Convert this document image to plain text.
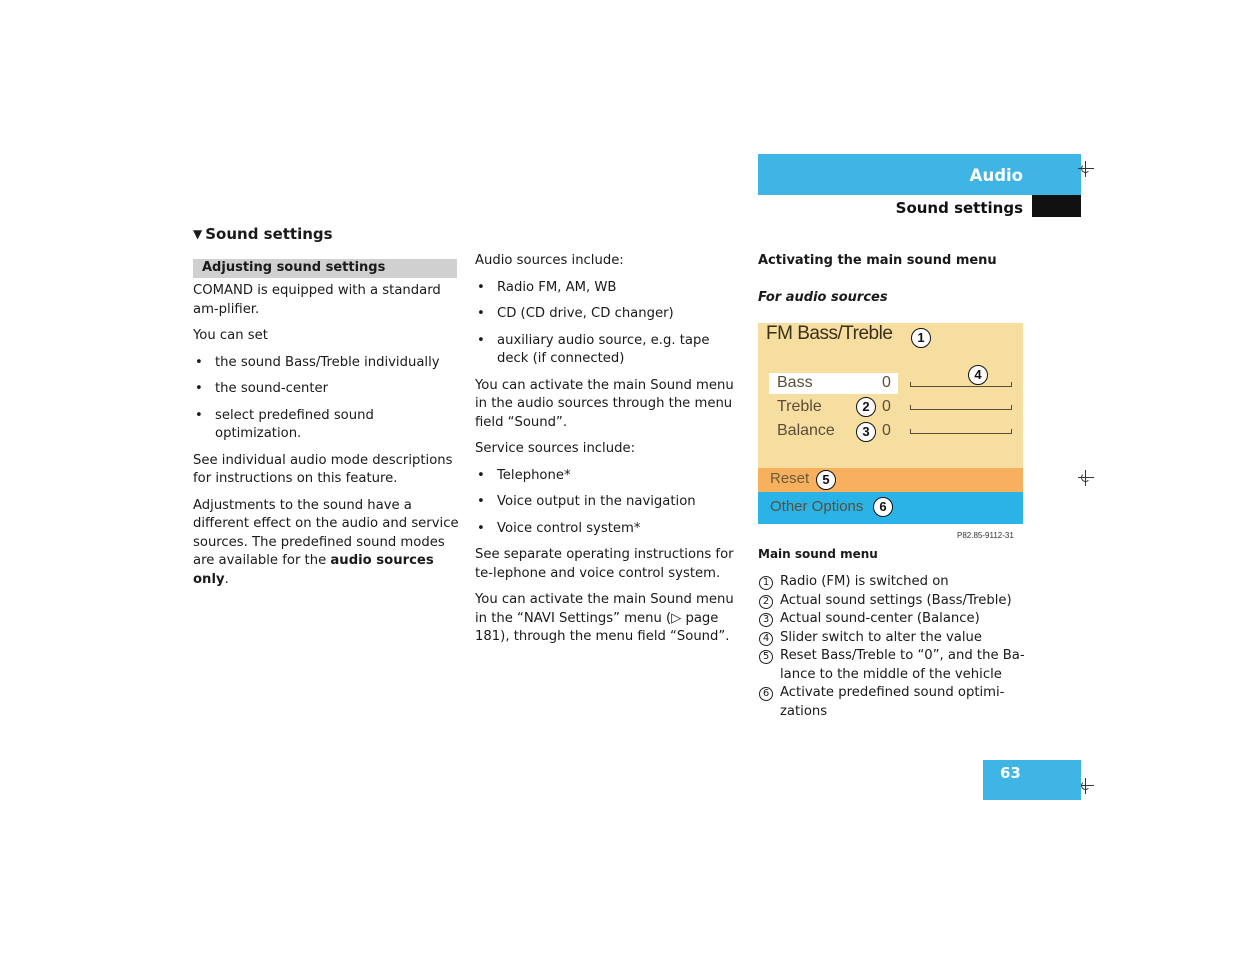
Audio
Sound settings
▼ Sound settings
Adjusting sound settings

COMAND is equipped with a standard am-plifier.

You can set

• the sound Bass/Treble individually
• the sound-center
• select predefined sound optimization.

See individual audio mode descriptions for instructions on this feature.

Adjustments to the sound have a different effect on the audio and service sources. The predefined sound modes are available for the audio sources only.

Audio sources include:

• Radio FM, AM, WB
• CD (CD drive, CD changer)
• auxiliary audio source, e.g. tape deck (if connected)

You can activate the main Sound menu in the audio sources through the menu field “Sound”.

Service sources include:

• Telephone*
• Voice output in the navigation
• Voice control system*

See separate operating instructions for te-lephone and voice control system.

You can activate the main Sound menu in the “NAVI Settings” menu (▷ page 181), through the menu field “Sound”.

Activating the main sound menu
For audio sources
FM Bass/Treble
Bass	0
Treble	0
Balance	0
Reset
Other Options
1
2
3
4
5
6
P82.85-9112-31
Main sound menu
1 Radio (FM) is switched on
2 Actual sound settings (Bass/Treble)
3 Actual sound-center (Balance)
4 Slider switch to alter the value
5 Reset Bass/Treble to “0”, and the Ba-lance to the middle of the vehicle
6 Activate predefined sound optimi-zations
63
